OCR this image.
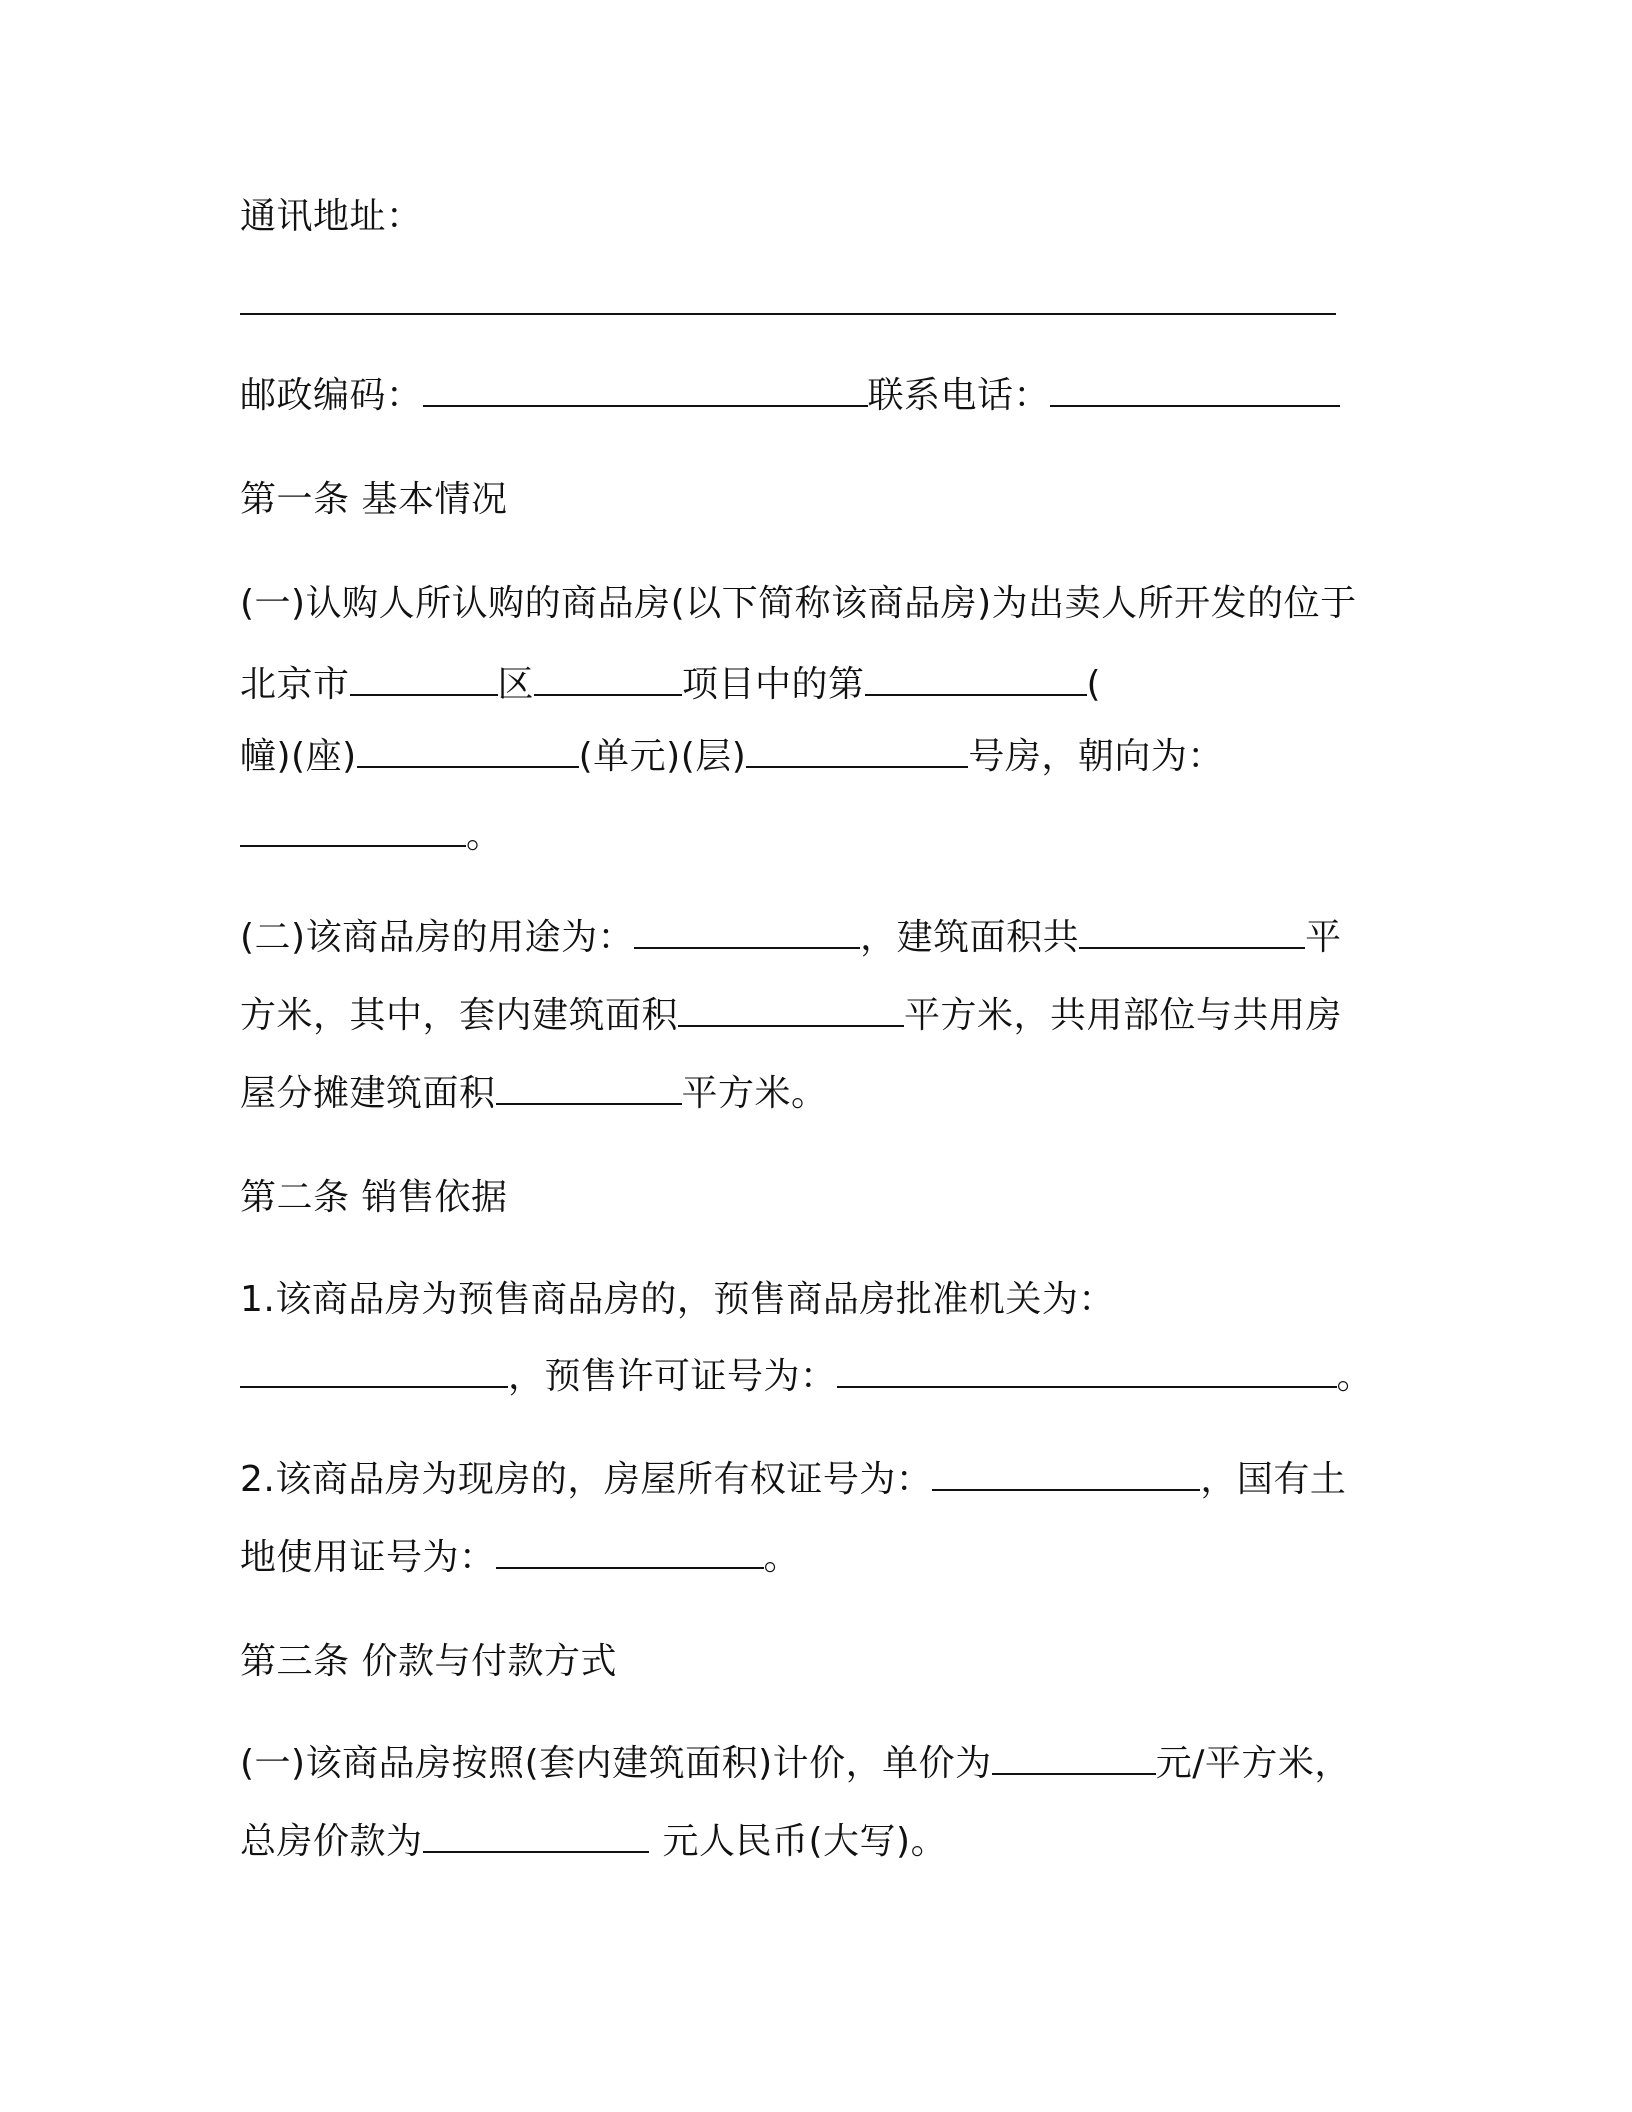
通讯地址：
邮政编码：	联系电话：
第一条 基本情况
(一)认购人所认购的商品房(以下简称该商品房)为出卖人所开发的位于
北京市	区	项目中的第	(
幢)(座)	(单元)(层)	号房，朝向为：
。
(二)该商品房的用途为：	，建筑面积共	平
方米，其中，套内建筑面积	平方米，共用部位与共用房
屋分摊建筑面积	平方米。
第二条 销售依据
1.该商品房为预售商品房的，预售商品房批准机关为：
，预售许可证号为：	。
2.该商品房为现房的，房屋所有权证号为：	，国有土
地使用证号为：	。
第三条 价款与付款方式
(一)该商品房按照(套内建筑面积)计价，单价为	元/平方米，
总房价款为	元人民币(大写)。
